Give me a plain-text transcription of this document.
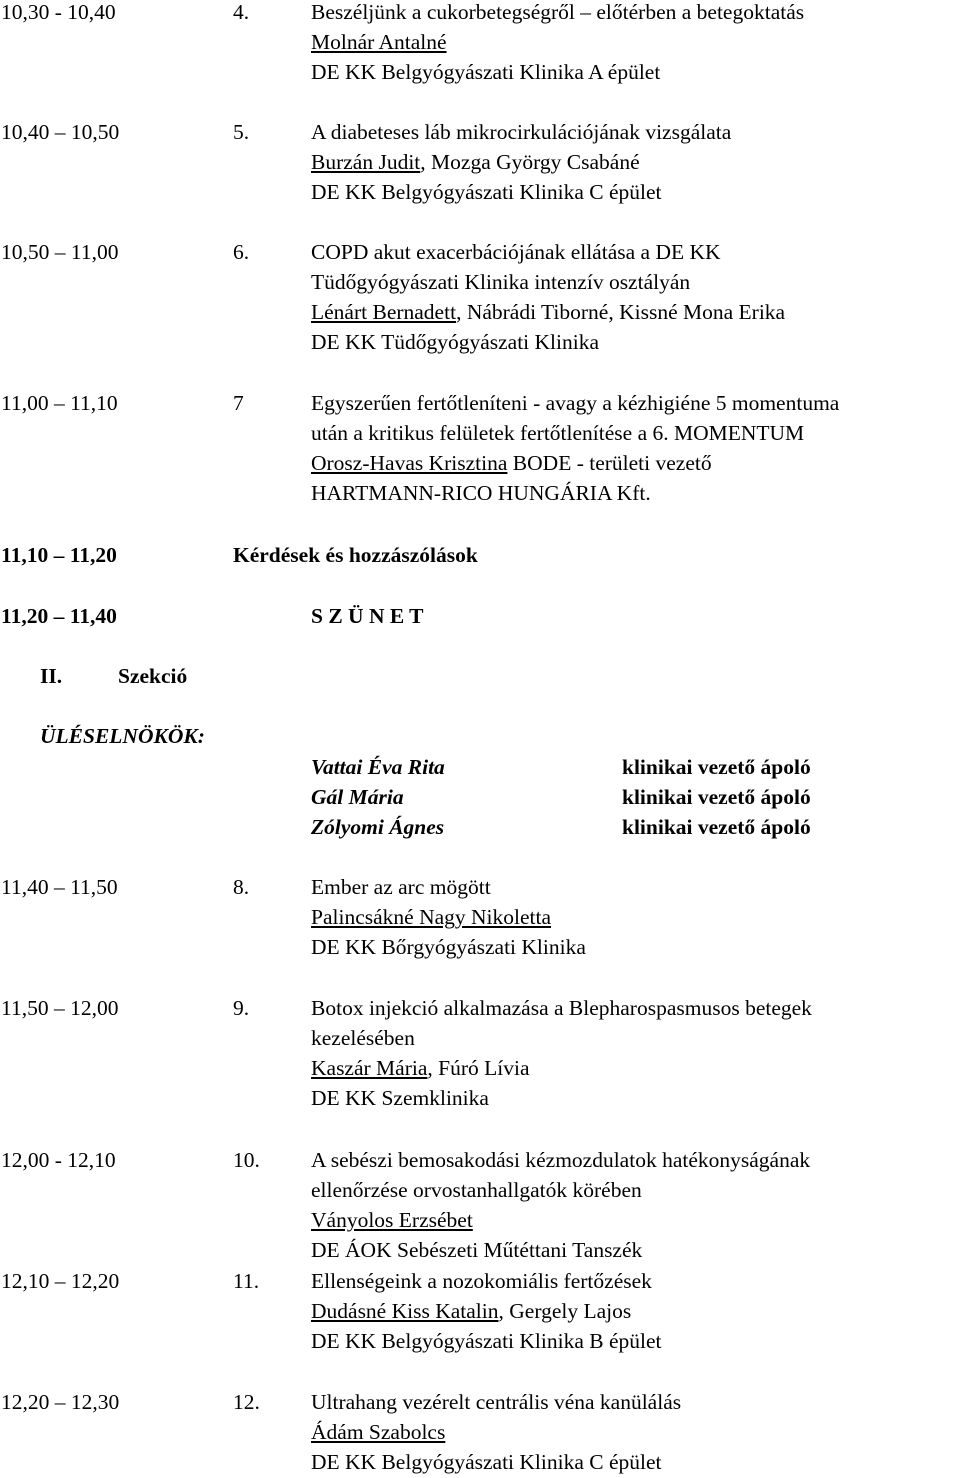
10,30 - 10,40	4.	Beszéljünk a cukorbetegségről – előtérben a betegoktatás
Molnár Antalné
DE KK Belgyógyászati Klinika A épület
10,40 – 10,50	5.	A diabeteses láb mikrocirkulációjának vizsgálata
Burzán Judit, Mozga György Csabáné
DE KK Belgyógyászati Klinika C épület
10,50 – 11,00	6.	COPD akut exacerbációjának ellátása a DE KK
Tüdőgyógyászati Klinika intenzív osztályán
Lénárt Bernadett, Nábrádi Tiborné, Kissné Mona Erika
DE KK Tüdőgyógyászati Klinika
11,00 – 11,10	7	Egyszerűen fertőtleníteni - avagy a kézhigiéne 5 momentuma
után a kritikus felületek fertőtlenítése a 6. MOMENTUM
Orosz-Havas Krisztina BODE - területi vezető
HARTMANN-RICO HUNGÁRIA Kft.
11,10 – 11,20	Kérdések és hozzászólások
11,20 – 11,40	S Z Ü N E T
II.	Szekció
ÜLÉSELNÖKÖK:
Vattai Éva Rita	klinikai vezető ápoló
Gál Mária	klinikai vezető ápoló
Zólyomi Ágnes	klinikai vezető ápoló
11,40 – 11,50	8.	Ember az arc mögött
Palincsákné Nagy Nikoletta
DE KK Bőrgyógyászati Klinika
11,50 – 12,00	9.	Botox injekció alkalmazása a Blepharospasmusos betegek
kezelésében
Kaszár Mária, Fúró Lívia
DE KK Szemklinika
12,00 - 12,10	10. A sebészi bemosakodási kézmozdulatok hatékonyságának
ellenőrzése orvostanhallgatók körében
Ványolos Erzsébet
DE ÁOK Sebészeti Műtéttani Tanszék
12,10 – 12,20	11. Ellenségeink a nozokomiális fertőzések
Dudásné Kiss Katalin, Gergely Lajos
DE KK Belgyógyászati Klinika B épület
12,20 – 12,30	12. Ultrahang vezérelt centrális véna kanülálás
Ádám Szabolcs
DE KK Belgyógyászati Klinika C épület
